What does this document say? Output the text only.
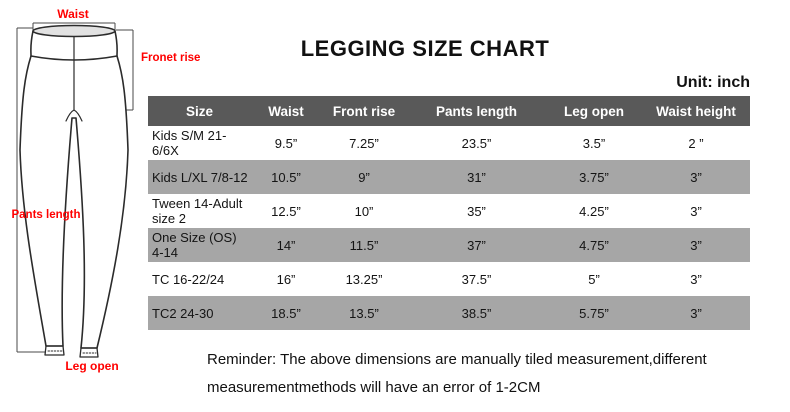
Waist
Fronet rise
Pants length
Leg open
LEGGING SIZE CHART
Unit: inch
Size	Waist	Front rise	Pants length	Leg open	Waist height
Kids S/M 21-6/6X	9.5”	7.25”	23.5”	3.5”	2 ”
Kids L/XL 7/8-12	10.5”	9”	31”	3.75”	3”
Tween 14-Adult size 2	12.5”	10”	35”	4.25”	3”
One Size (OS) 4-14	14”	11.5”	37”	4.75”	3”
TC 16-22/24	16”	13.25”	37.5”	5”	3”
TC2 24-30	18.5”	13.5”	38.5”	5.75”	3”
Reminder: The above dimensions are manually tiled measurement,different
measurementmethods will have an error of 1-2CM
